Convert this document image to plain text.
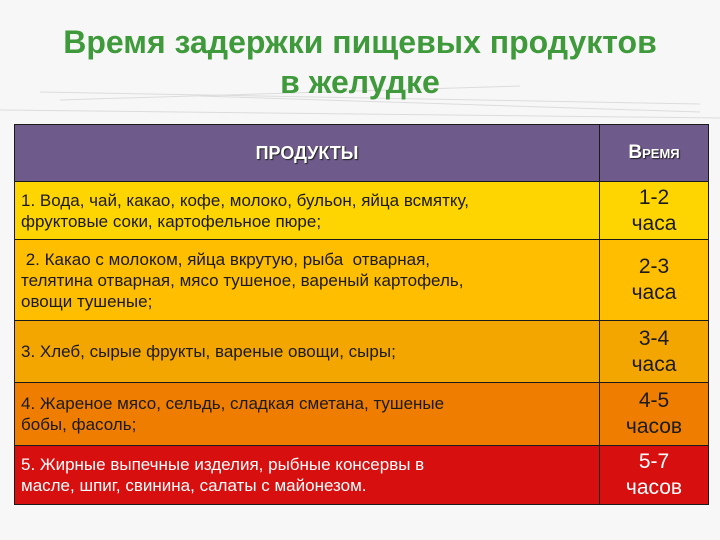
Время задержки пищевых продуктов
в желудке
ПРОДУКТЫ	Время

1. Вода, чай, какао, кофе, молоко, бульон, яйца всмятку,
фруктовые соки, картофельное пюре;	1-2
часа

2. Какао с молоком, яйца вкрутую, рыба  отварная,
телятина отварная, мясо тушеное, вареный картофель,
овощи тушеные;	2-3
часа

3. Хлеб, сырые фрукты, вареные овощи, сыры;	3-4
часа

4. Жареное мясо, сельдь, сладкая сметана, тушеные
бобы, фасоль;	4-5
часов

5. Жирные выпечные изделия, рыбные консервы в
масле, шпиг, свинина, салаты с майонезом.	5-7
часов
